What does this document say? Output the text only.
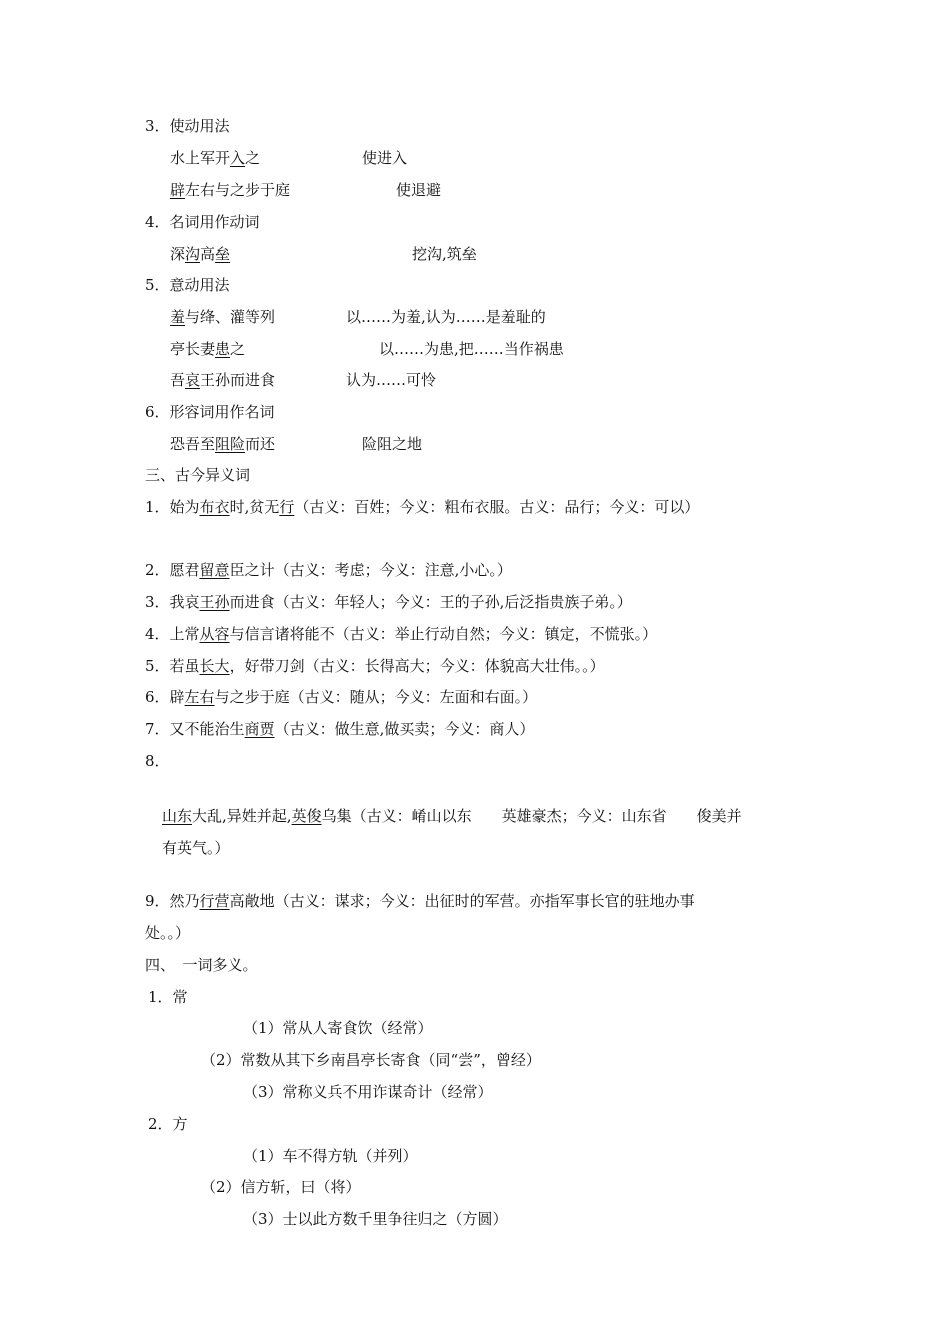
3．使动用法
水上军开入之	使进入
辟左右与之步于庭	使退避
4．名词用作动词
深沟高垒	挖沟,筑垒
5．意动用法
羞与绛、灌等列	以……为羞,认为……是羞耻的
亭长妻患之	以……为患,把……当作祸患
吾哀王孙而进食	认为……可怜
6．形容词用作名词
恐吾至阻险而还	险阻之地
三、古今异义词
1．始为布衣时,贫无行（古义：百姓；今义：粗布衣服。古义：品行；今义：可以）
2．愿君留意臣之计（古义：考虑；今义：注意,小心。）
3．我哀王孙而进食（古义：年轻人；今义：王的子孙,后泛指贵族子弟。）
4．上常从容与信言诸将能不（古义：举止行动自然；今义：镇定，不慌张。）
5．若虽长大，好带刀剑（古义：长得高大；今义：体貌高大壮伟。。）
6．辟左右与之步于庭（古义：随从；今义：左面和右面。）
7．又不能治生商贾（古义：做生意,做买卖；今义：商人）
8．
山东大乱,异姓并起,英俊乌集（古义：崤山以东　　英雄豪杰；今义：山东省　　俊美并
有英气。）
9．然乃行营高敞地（古义：谋求；今义：出征时的军营。亦指军事长官的驻地办事
处。。）
四、　一词多义。
1．常
（1）常从人寄食饮（经常）
（2）常数从其下乡南昌亭长寄食（同“尝”，曾经）
（3）常称义兵不用诈谋奇计（经常）
2．方
（1）车不得方轨（并列）
（2）信方斩，曰（将）
（3）士以此方数千里争往归之（方圆）
